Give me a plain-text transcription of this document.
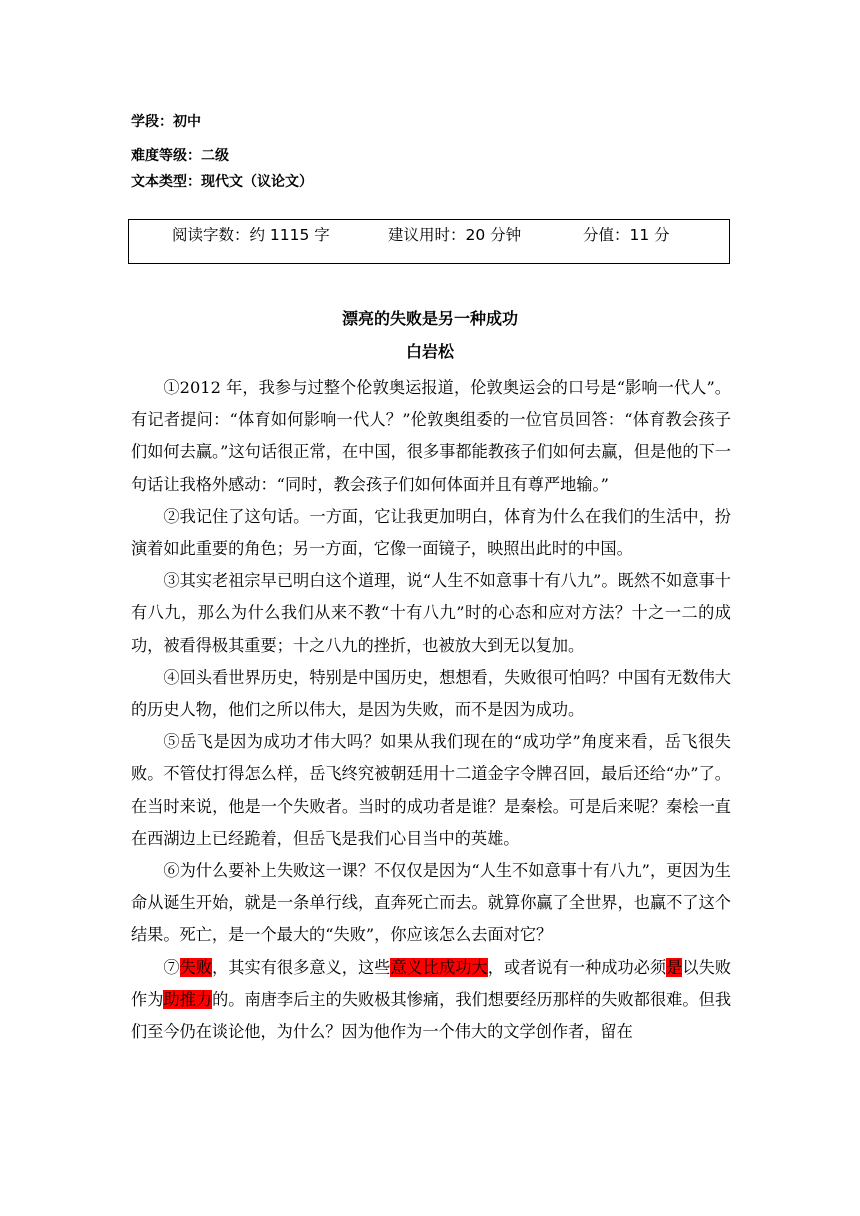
学段：初中
难度等级：二级
文本类型：现代文（议论文）
阅读字数：约 1115 字	建议用时：20 分钟	分值：11 分
漂亮的失败是另一种成功
白岩松

①2012 年，我参与过整个伦敦奥运报道，伦敦奥运会的口号是“影响一代人”。有记者提问：“体育如何影响一代人？”伦敦奥组委的一位官员回答：“体育教会孩子们如何去赢。”这句话很正常，在中国，很多事都能教孩子们如何去赢，但是他的下一句话让我格外感动：“同时，教会孩子们如何体面并且有尊严地输。”

②我记住了这句话。一方面，它让我更加明白，体育为什么在我们的生活中，扮演着如此重要的角色；另一方面，它像一面镜子，映照出此时的中国。

③其实老祖宗早已明白这个道理，说“人生不如意事十有八九”。既然不如意事十有八九，那么为什么我们从来不教“十有八九”时的心态和应对方法？十之一二的成功，被看得极其重要；十之八九的挫折，也被放大到无以复加。

④回头看世界历史，特别是中国历史，想想看，失败很可怕吗？中国有无数伟大的历史人物，他们之所以伟大，是因为失败，而不是因为成功。

⑤岳飞是因为成功才伟大吗？如果从我们现在的“成功学”角度来看，岳飞很失败。不管仗打得怎么样，岳飞终究被朝廷用十二道金字令牌召回，最后还给“办”了。在当时来说，他是一个失败者。当时的成功者是谁？是秦桧。可是后来呢？秦桧一直在西湖边上已经跪着，但岳飞是我们心目当中的英雄。

⑥为什么要补上失败这一课？不仅仅是因为“人生不如意事十有八九”，更因为生命从诞生开始，就是一条单行线，直奔死亡而去。就算你赢了全世界，也赢不了这个结果。死亡，是一个最大的“失败”，你应该怎么去面对它？

⑦失败，其实有很多意义，这些意义比成功大，或者说有一种成功必须是以失败作为助推力的。南唐李后主的失败极其惨痛，我们想要经历那样的失败都很难。但我们至今仍在谈论他，为什么？因为他作为一个伟大的文学创作者，留在
